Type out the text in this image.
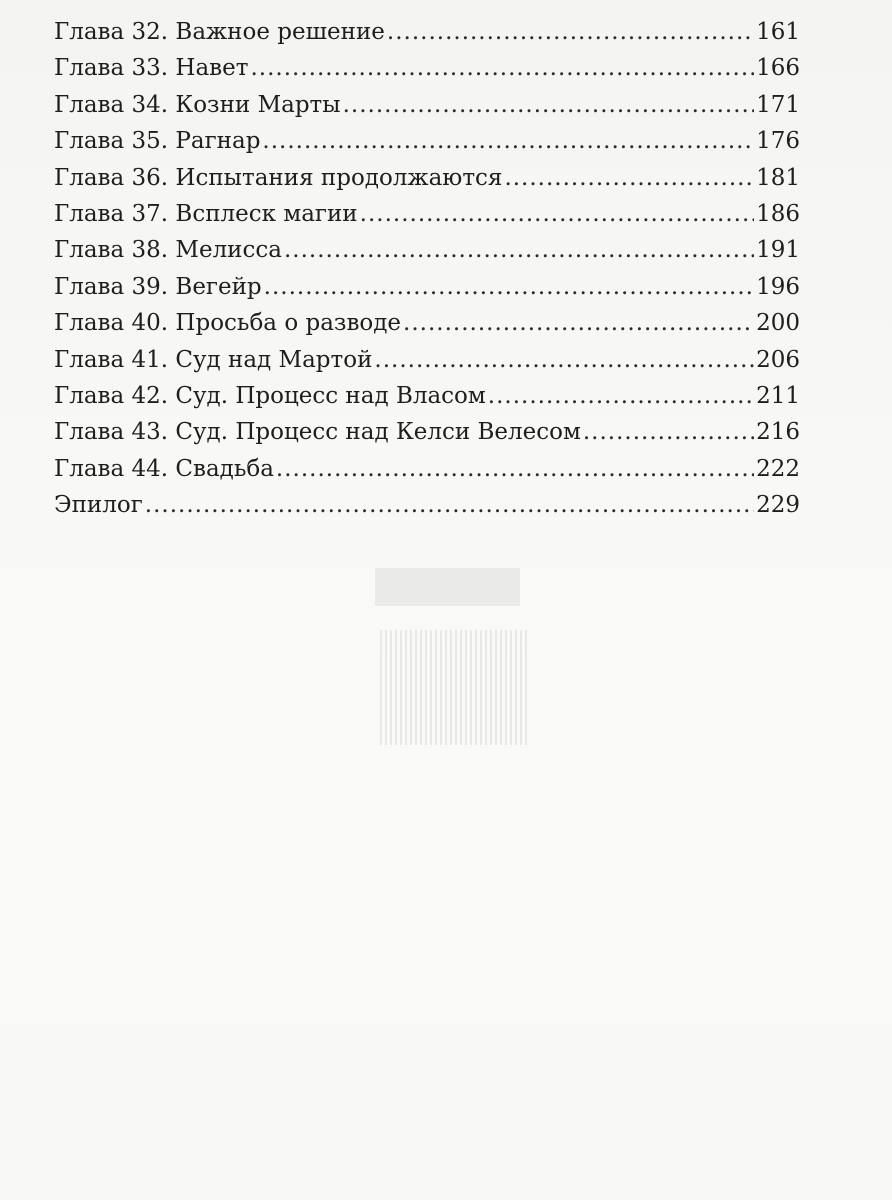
Глава 32. Важное решение .....	161
Глава 33. Навет .....	166
Глава 34. Козни Марты .....	171
Глава 35. Рагнар .....	176
Глава 36. Испытания продолжаются .....	181
Глава 37. Всплеск магии .....	186
Глава 38. Мелисса .....	191
Глава 39. Вегейр .....	196
Глава 40. Просьба о разводе .....	200
Глава 41. Суд над Мартой .....	206
Глава 42. Суд. Процесс над Власом .....	211
Глава 43. Суд. Процесс над Келси Велесом .....	216
Глава 44. Свадьба .....	222
Эпилог .....	229
